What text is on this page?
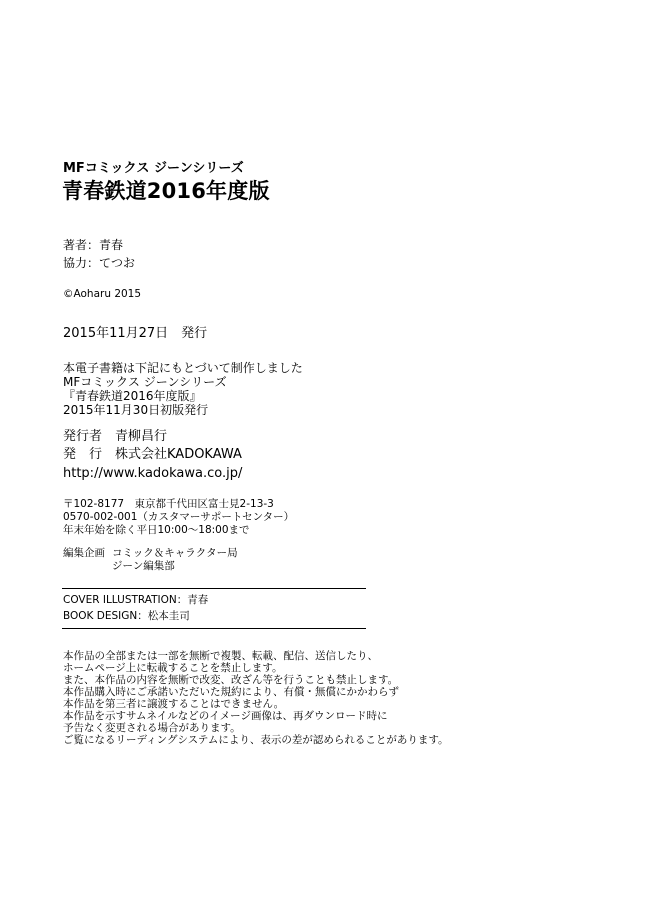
MFコミックス ジーンシリーズ

青春鉄道2016年度版

著者：青春

協力：てつお

©Aoharu 2015

2015年11月27日　発行

本電子書籍は下記にもとづいて制作しました

MFコミックス ジーンシリーズ

『青春鉄道2016年度版』

2015年11月30日初版発行

発行者　青柳昌行

発　行　株式会社KADOKAWA

http://www.kadokawa.co.jp/

〒102-8177　東京都千代田区富士見2-13-3

0570-002-001（カスタマーサポートセンター）

年末年始を除く平日10:00～18:00まで

編集企画 コミック＆キャラクター局

ジーン編集部

COVER ILLUSTRATION：青春

BOOK DESIGN：松本圭司

本作品の全部または一部を無断で複製、転載、配信、送信したり、

ホームページ上に転載することを禁止します。

また、本作品の内容を無断で改変、改ざん等を行うことも禁止します。

本作品購入時にご承諾いただいた規約により、有償・無償にかかわらず

本作品を第三者に譲渡することはできません。

本作品を示すサムネイルなどのイメージ画像は、再ダウンロード時に

予告なく変更される場合があります。

ご覧になるリーディングシステムにより、表示の差が認められることがあります。
